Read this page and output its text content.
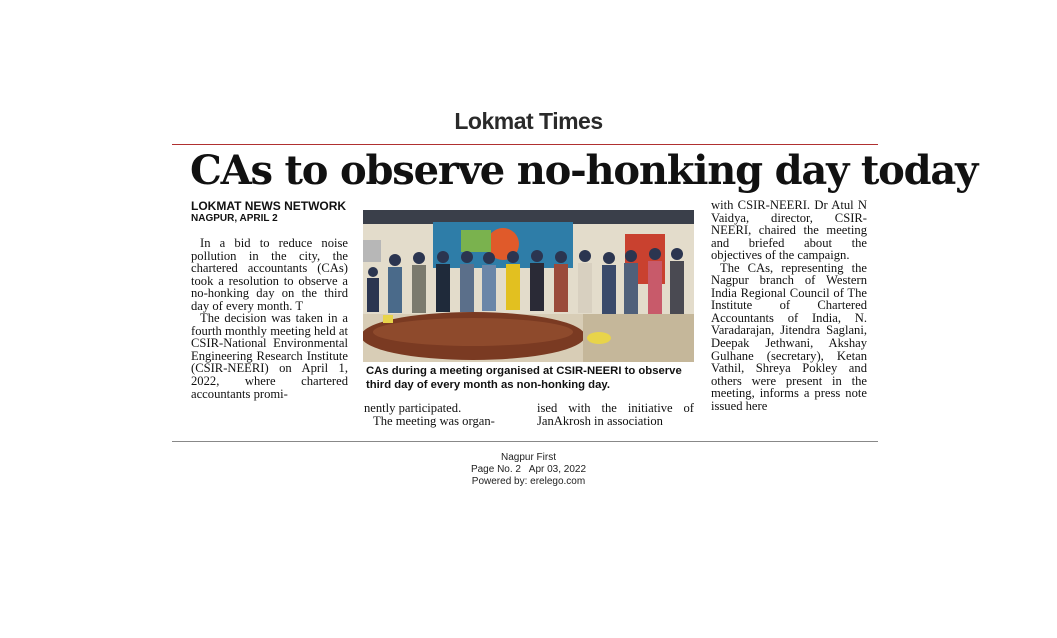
Lokmat Times
CAs to observe no-honking day today
LOKMAT NEWS NETWORK
NAGPUR, APRIL 2

In a bid to reduce noise pollution in the city, the chartered accountants (CAs) took a resolution to observe a no-honking day on the third day of every month. T

The decision was taken in a fourth monthly meeting held at CSIR-National Environmental Engineering Research Institute (CSIR-NEERI) on April 1, 2022, where chartered accountants promi-

CAs during a meeting organised at CSIR-NEERI to observe third day of every month as non-honking day.

nently participated.

The meeting was organ-

ised with the initiative of JanAkrosh in association

with CSIR-NEERI. Dr Atul N Vaidya, director, CSIR-NEERI, chaired the meeting and briefed about the objectives of the campaign.

The CAs, representing the Nagpur branch of Western India Regional Council of The Institute of Chartered Accountants of India, N. Varadarajan, Jitendra Saglani, Deepak Jethwani, Akshay Gulhane (secretary), Ketan Vathil, Shreya Pokley and others were present in the meeting, informs a press note issued here

Nagpur First
Page No. 2   Apr 03, 2022
Powered by: erelego.com
